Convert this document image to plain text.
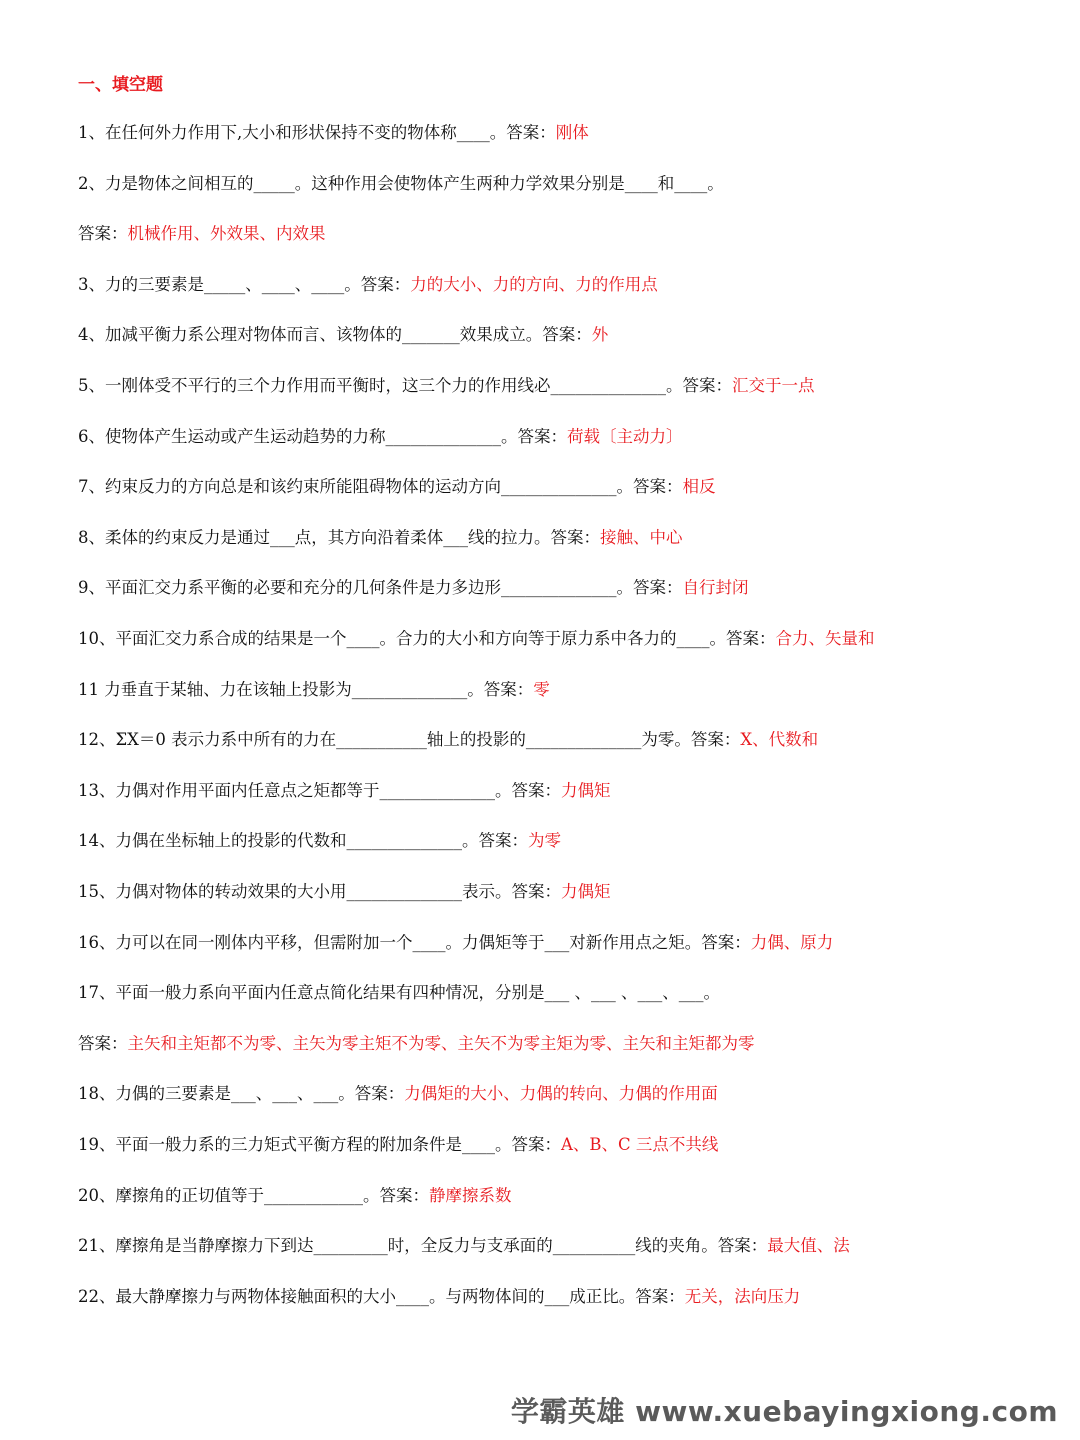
一、填空题
1、在任何外力作用下,大小和形状保持不变的物体称____。答案：刚体
2、力是物体之间相互的_____。这种作用会使物体产生两种力学效果分别是____和____。
答案：机械作用、外效果、内效果
3、力的三要素是_____、____、____。答案：力的大小、力的方向、力的作用点
4、加减平衡力系公理对物体而言、该物体的_______效果成立。答案：外
5、一刚体受不平行的三个力作用而平衡时，这三个力的作用线必______________。答案：汇交于一点
6、使物体产生运动或产生运动趋势的力称______________。答案：荷载〔主动力〕
7、约束反力的方向总是和该约束所能阻碍物体的运动方向______________。答案：相反
8、柔体的约束反力是通过___点，其方向沿着柔体___线的拉力。答案：接触、中心
9、平面汇交力系平衡的必要和充分的几何条件是力多边形______________。答案：自行封闭
10、平面汇交力系合成的结果是一个____。合力的大小和方向等于原力系中各力的____。答案：合力、矢量和
11 力垂直于某轴、力在该轴上投影为______________。答案：零
12、ΣX＝0 表示力系中所有的力在___________轴上的投影的______________为零。答案：X、代数和
13、力偶对作用平面内任意点之矩都等于______________。答案：力偶矩
14、力偶在坐标轴上的投影的代数和______________。答案：为零
15、力偶对物体的转动效果的大小用______________表示。答案：力偶矩
16、力可以在同一刚体内平移，但需附加一个____。力偶矩等于___对新作用点之矩。答案：力偶、原力
17、平面一般力系向平面内任意点简化结果有四种情况，分别是___ 、___ 、___、___。
答案：主矢和主矩都不为零、主矢为零主矩不为零、主矢不为零主矩为零、主矢和主矩都为零
18、力偶的三要素是___、___、___。答案：力偶矩的大小、力偶的转向、力偶的作用面
19、平面一般力系的三力矩式平衡方程的附加条件是____。答案：A、B、C 三点不共线
20、摩擦角的正切值等于____________。答案：静摩擦系数
21、摩擦角是当静摩擦力下到达_________时，全反力与支承面的__________线的夹角。答案：最大值、法
22、最大静摩擦力与两物体接触面积的大小____。与两物体间的___成正比。答案：无关，法向压力
学霸英雄 www.xuebayingxiong.com
